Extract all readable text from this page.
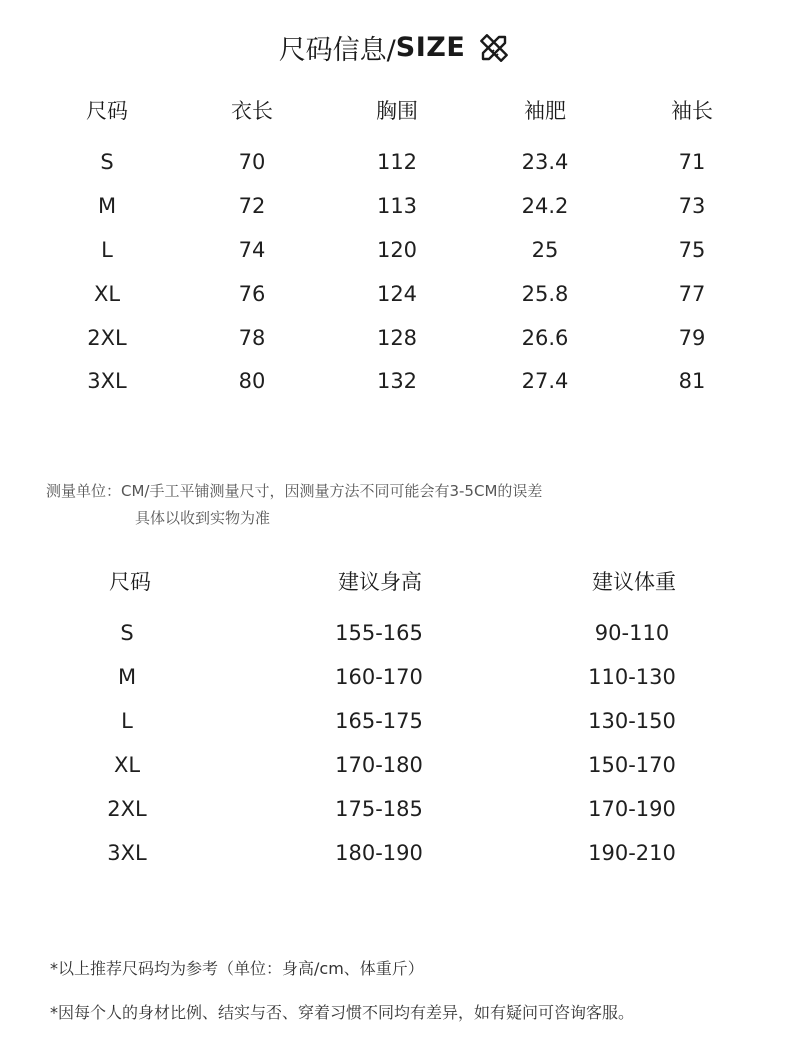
尺码信息/ SIZE
尺码	衣长	胸围	袖肥	袖长
S	70	112	23.4	71
M	72	113	24.2	73
L	74	120	25	75
XL	76	124	25.8	77
2XL	78	128	26.6	79
3XL	80	132	27.4	81
测量单位：CM/手工平铺测量尺寸，因测量方法不同可能会有3-5CM的误差
具体以收到实物为准
尺码	建议身高	建议体重
S	155-165	90-110
M	160-170	110-130
L	165-175	130-150
XL	170-180	150-170
2XL	175-185	170-190
3XL	180-190	190-210
*以上推荐尺码均为参考（单位：身高/cm、体重斤）
*因每个人的身材比例、结实与否、穿着习惯不同均有差异，如有疑问可咨询客服。
